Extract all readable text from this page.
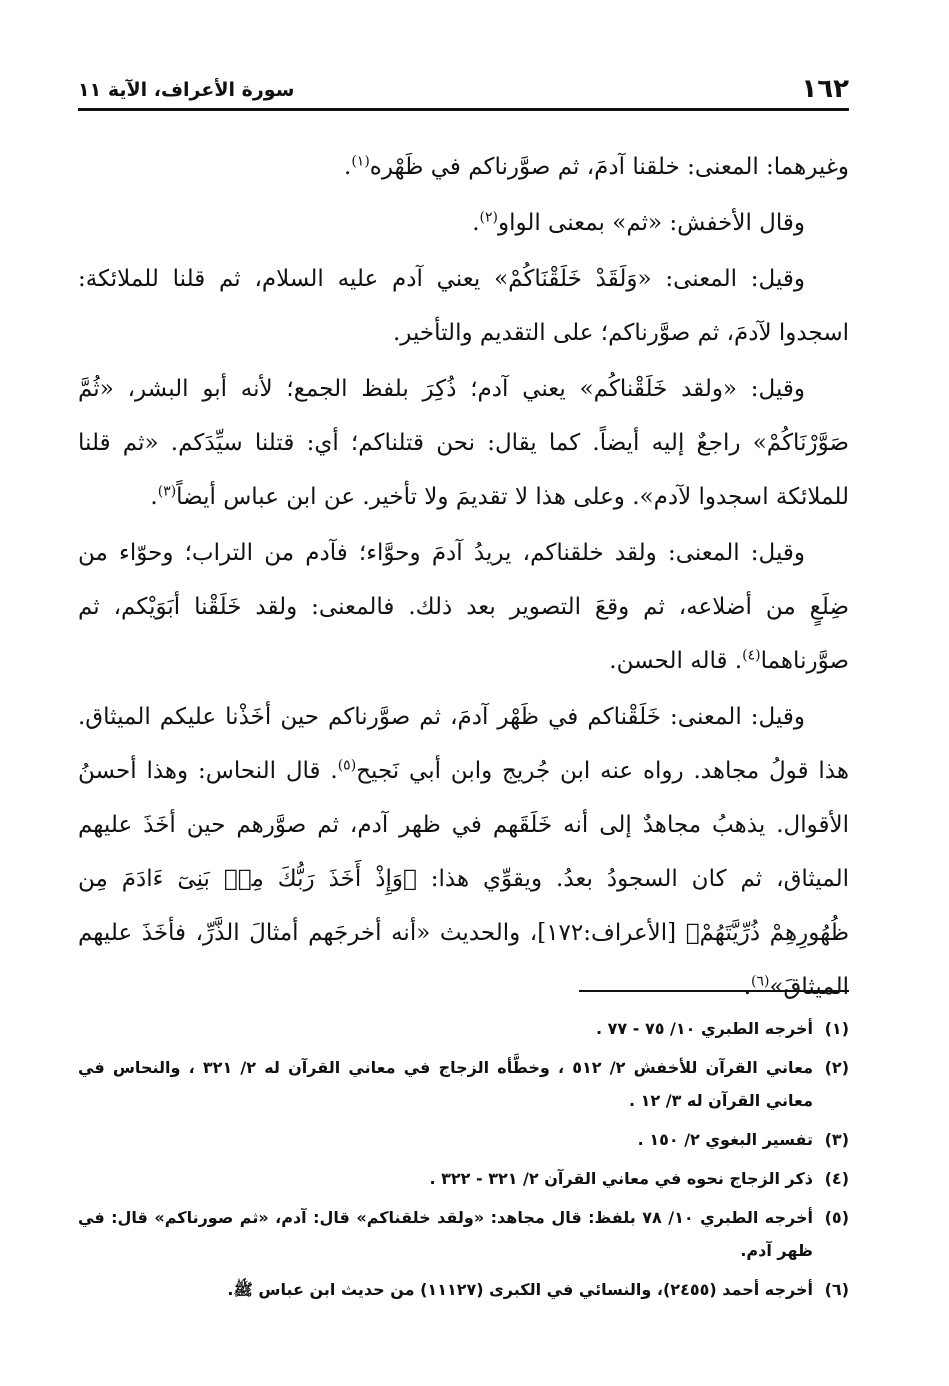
١٦٢
سورة الأعراف، الآية ١١

وغيرهما: المعنى: خلقنا آدمَ، ثم صوَّرناكم في ظَهْره$^{(١)}$.

وقال الأخفش: «ثم» بمعنى الواو$^{(٢)}$.

وقيل: المعنى: «وَلَقَدْ خَلَقْنَاكُمْ» يعني آدم عليه السلام، ثم قلنا للملائكة: اسجدوا لآدمَ، ثم صوَّرناكم؛ على التقديم والتأخير.

وقيل: «ولقد خَلَقْناكُم» يعني آدم؛ ذُكِرَ بلفظ الجمع؛ لأنه أبو البشر، «ثُمَّ صَوَّرْنَاكُمْ» راجعٌ إليه أيضاً. كما يقال: نحن قتلناكم؛ أي: قتلنا سيِّدَكم. «ثم قلنا للملائكة اسجدوا لآدم». وعلى هذا لا تقديمَ ولا تأخير. عن ابن عباس أيضاً$^{(٣)}$.

وقيل: المعنى: ولقد خلقناكم، يريدُ آدمَ وحوَّاء؛ فآدم من التراب؛ وحوّاء من ضِلَعٍ من أضلاعه، ثم وقعَ التصوير بعد ذلك. فالمعنى: ولقد خَلَقْنا أبَوَيْكم، ثم صوَّرناهما$^{(٤)}$. قاله الحسن.

وقيل: المعنى: خَلَقْناكم في ظَهْر آدمَ، ثم صوَّرناكم حين أخَذْنا عليكم الميثاق. هذا قولُ مجاهد. رواه عنه ابن جُريج وابن أبي نَجيح$^{(٥)}$. قال النحاس: وهذا أحسنُ الأقوال. يذهبُ مجاهدٌ إلى أنه خَلَقَهم في ظهر آدم، ثم صوَّرهم حين أخَذَ عليهم الميثاق، ثم كان السجودُ بعدُ. ويقوِّي هذا: ﴿وَإِذْ أَخَذَ رَبُّكَ مِنۢ بَنِىٓ ءَادَمَ مِن ظُهُورِهِمْ ذُرِّيَّتَهُمْ﴾ [الأعراف:١٧٢]، والحديث «أنه أخرجَهم أمثالَ الذَّرِّ، فأخَذَ عليهم الميثاقَ»$^{(٦)}$.

(١)
أخرجه الطبري ١٠/ ٧٥ - ٧٧ .
(٢)
معاني القرآن للأخفش ٢/ ٥١٢ ، وخطَّأه الزجاج في معاني القرآن له ٢/ ٣٢١ ، والنحاس في معاني القرآن له ٣/ ١٢ .
(٣)
تفسير البغوي ٢/ ١٥٠ .
(٤)
ذكر الزجاج نحوه في معاني القرآن ٢/ ٣٢١ - ٣٢٢ .
(٥)
أخرجه الطبري ١٠/ ٧٨ بلفظ: قال مجاهد: «ولقد خلقناكم» قال: آدم، «ثم صورناكم» قال: في ظهر آدم.
(٦)
أخرجه أحمد (٢٤٥٥)، والنسائي في الكبرى (١١١٢٧) من حديث ابن عباس ﷺ.
